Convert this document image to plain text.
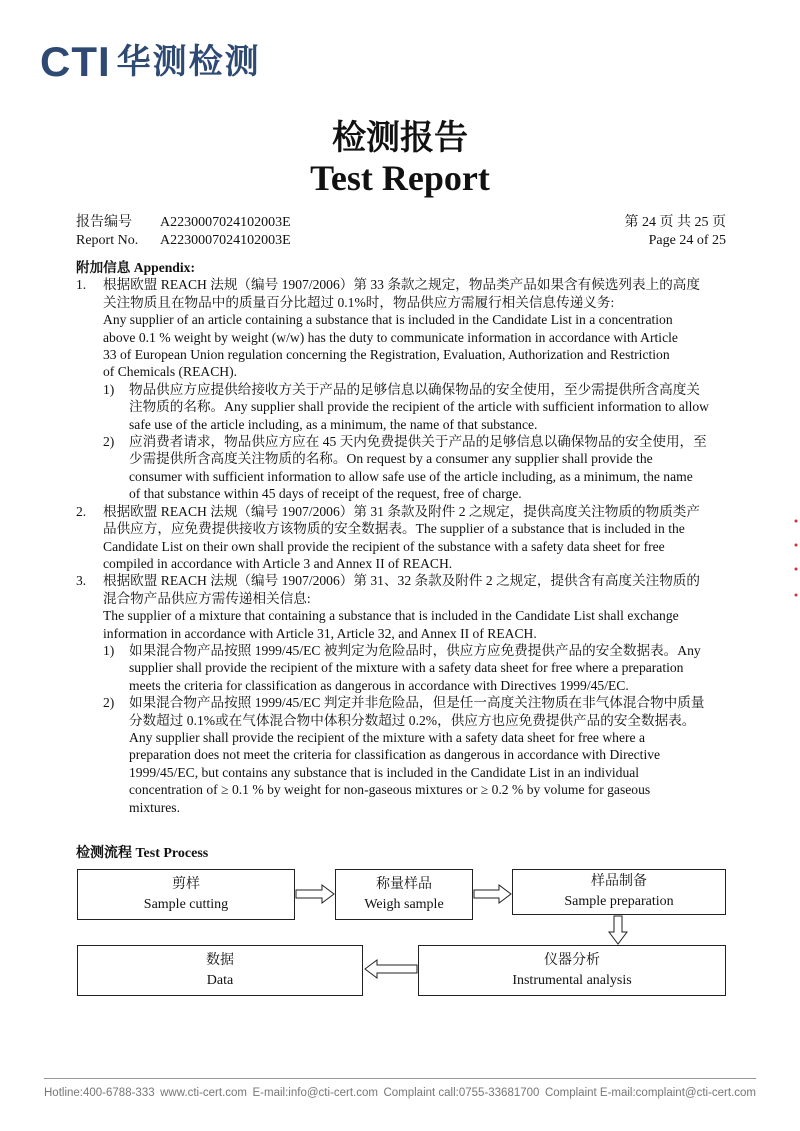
CTI 华测检测
检测报告
Test Report
报告编号 A2230007024102003E	第 24 页 共 25 页
Report No. A2230007024102003E	Page 24 of 25

附加信息 Appendix:

1. 根据欧盟 REACH 法规（编号 1907/2006）第 33 条款之规定，物品类产品如果含有候选列表上的高度

关注物质且在物品中的质量百分比超过 0.1%时，物品供应方需履行相关信息传递义务:

Any supplier of an article containing a substance that is included in the Candidate List in a concentration

above 0.1 % weight by weight (w/w) has the duty to communicate information in accordance with Article

33 of European Union regulation concerning the Registration, Evaluation, Authorization and Restriction

of Chemicals (REACH).

1) 物品供应方应提供给接收方关于产品的足够信息以确保物品的安全使用，至少需提供所含高度关

注物质的名称。Any supplier shall provide the recipient of the article with sufficient information to allow

safe use of the article including, as a minimum, the name of that substance.

2) 应消费者请求，物品供应方应在 45 天内免费提供关于产品的足够信息以确保物品的安全使用，至

少需提供所含高度关注物质的名称。On request by a consumer any supplier shall provide the

consumer with sufficient information to allow safe use of the article including, as a minimum, the name

of that substance within 45 days of receipt of the request, free of charge.

2. 根据欧盟 REACH 法规（编号 1907/2006）第 31 条款及附件 2 之规定，提供高度关注物质的物质类产

品供应方，应免费提供接收方该物质的安全数据表。The supplier of a substance that is included in the

Candidate List on their own shall provide the recipient of the substance with a safety data sheet for free

compiled in accordance with Article 3 and Annex II of REACH.

3. 根据欧盟 REACH 法规（编号 1907/2006）第 31、32 条款及附件 2 之规定，提供含有高度关注物质的

混合物产品供应方需传递相关信息:

The supplier of a mixture that containing a substance that is included in the Candidate List shall exchange

information in accordance with Article 31, Article 32, and Annex II of REACH.

1) 如果混合物产品按照 1999/45/EC 被判定为危险品时，供应方应免费提供产品的安全数据表。Any

supplier shall provide the recipient of the mixture with a safety data sheet for free where a preparation

meets the criteria for classification as dangerous in accordance with Directives 1999/45/EC.

2) 如果混合物产品按照 1999/45/EC 判定并非危险品，但是任一高度关注物质在非气体混合物中质量

分数超过 0.1%或在气体混合物中体积分数超过 0.2%，供应方也应免费提供产品的安全数据表。

Any supplier shall provide the recipient of the mixture with a safety data sheet for free where a

preparation does not meet the criteria for classification as dangerous in accordance with Directive

1999/45/EC, but contains any substance that is included in the Candidate List in an individual

concentration of ≥ 0.1 % by weight for non-gaseous mixtures or ≥ 0.2 % by volume for gaseous

mixtures.

检测流程 Test Process
剪样
Sample cutting
称量样品
Weigh sample
样品制备
Sample preparation
仪器分析
Instrumental analysis
数据
Data
Hotline:400-6788-333 www.cti-cert.com E-mail:info@cti-cert.com Complaint call:0755-33681700 Complaint E-mail:complaint@cti-cert.com
